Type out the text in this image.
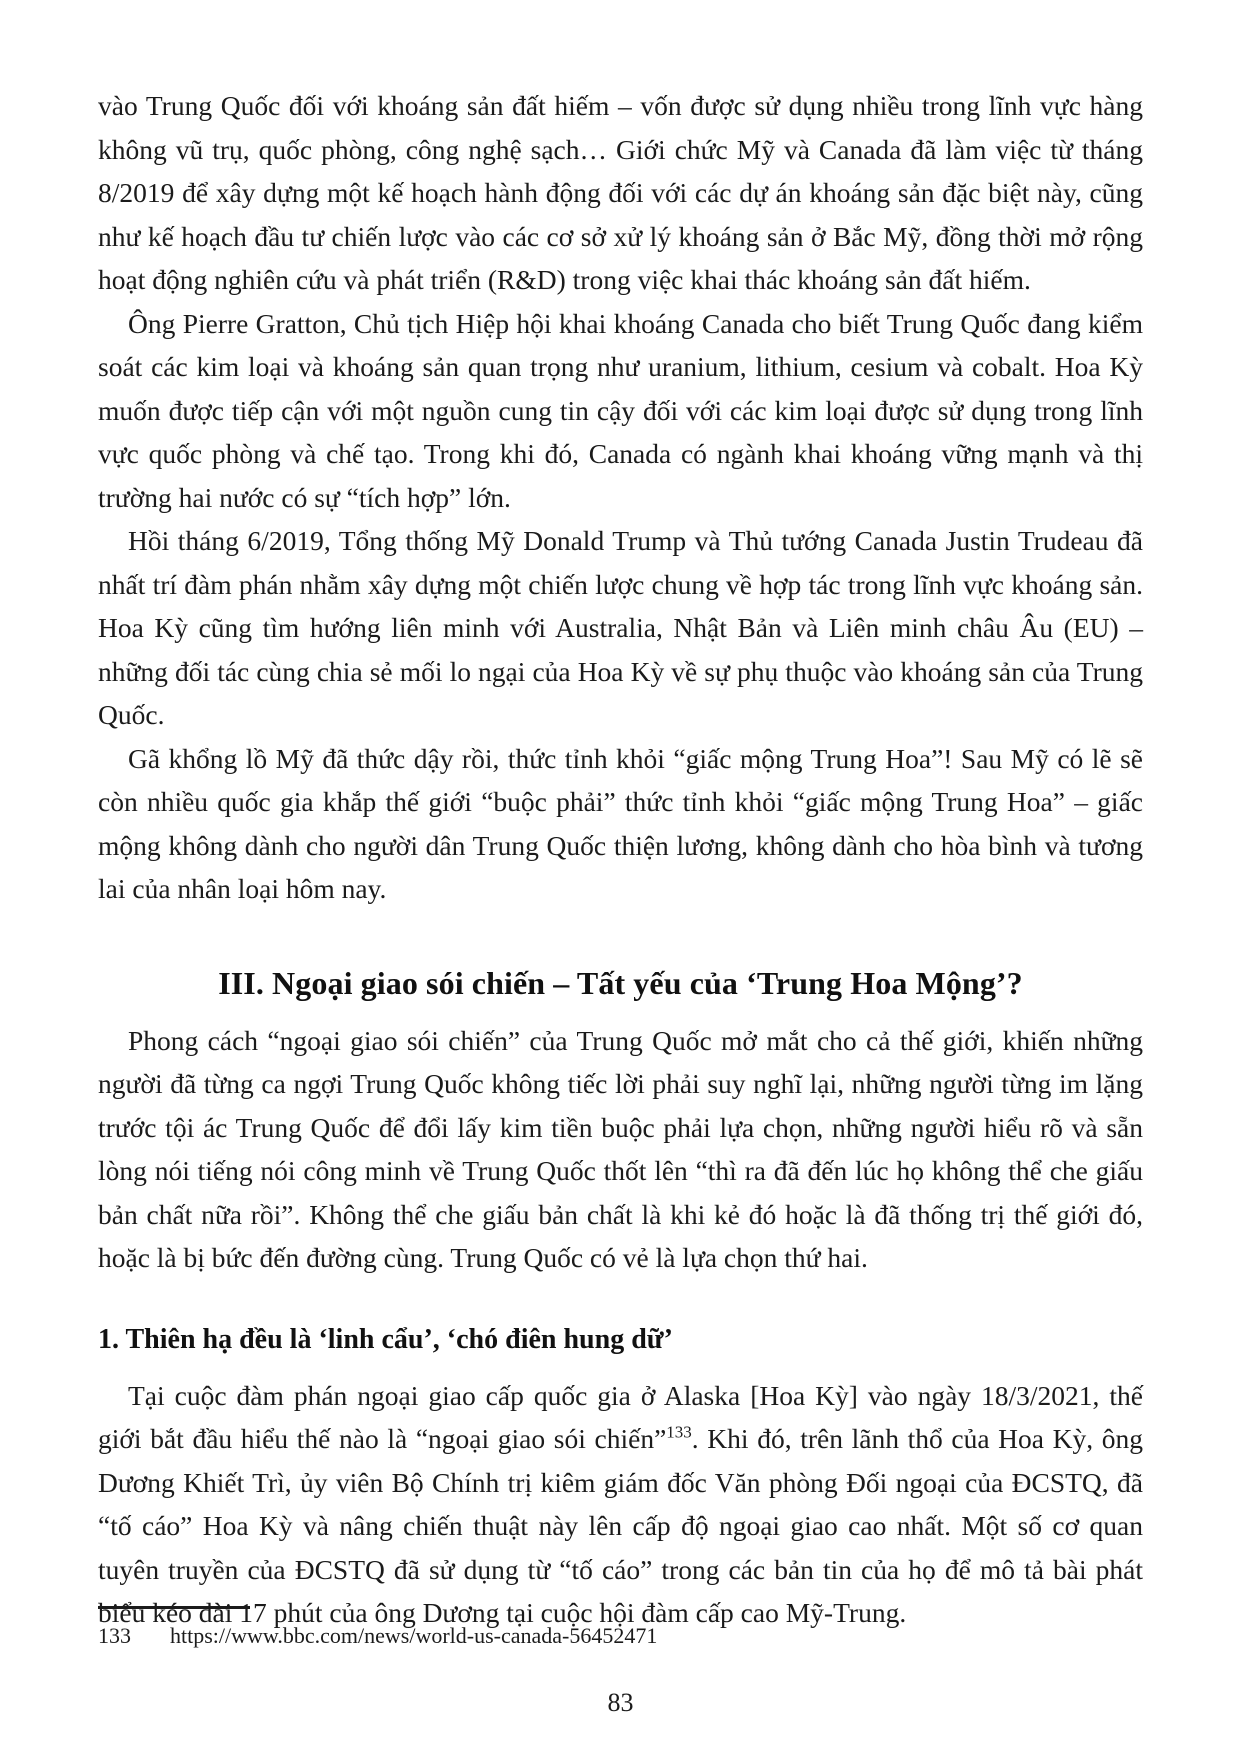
vào Trung Quốc đối với khoáng sản đất hiếm – vốn được sử dụng nhiều trong lĩnh vực hàng không vũ trụ, quốc phòng, công nghệ sạch… Giới chức Mỹ và Canada đã làm việc từ tháng 8/2019 để xây dựng một kế hoạch hành động đối với các dự án khoáng sản đặc biệt này, cũng như kế hoạch đầu tư chiến lược vào các cơ sở xử lý khoáng sản ở Bắc Mỹ, đồng thời mở rộng hoạt động nghiên cứu và phát triển (R&D) trong việc khai thác khoáng sản đất hiếm.

Ông Pierre Gratton, Chủ tịch Hiệp hội khai khoáng Canada cho biết Trung Quốc đang kiểm soát các kim loại và khoáng sản quan trọng như uranium, lithium, cesium và cobalt. Hoa Kỳ muốn được tiếp cận với một nguồn cung tin cậy đối với các kim loại được sử dụng trong lĩnh vực quốc phòng và chế tạo. Trong khi đó, Canada có ngành khai khoáng vững mạnh và thị trường hai nước có sự “tích hợp” lớn.

Hồi tháng 6/2019, Tổng thống Mỹ Donald Trump và Thủ tướng Canada Justin Trudeau đã nhất trí đàm phán nhằm xây dựng một chiến lược chung về hợp tác trong lĩnh vực khoáng sản. Hoa Kỳ cũng tìm hướng liên minh với Australia, Nhật Bản và Liên minh châu Âu (EU) – những đối tác cùng chia sẻ mối lo ngại của Hoa Kỳ về sự phụ thuộc vào khoáng sản của Trung Quốc.

Gã khổng lồ Mỹ đã thức dậy rồi, thức tỉnh khỏi “giấc mộng Trung Hoa”! Sau Mỹ có lẽ sẽ còn nhiều quốc gia khắp thế giới “buộc phải” thức tỉnh khỏi “giấc mộng Trung Hoa” – giấc mộng không dành cho người dân Trung Quốc thiện lương, không dành cho hòa bình và tương lai của nhân loại hôm nay.

III. Ngoại giao sói chiến – Tất yếu của ‘Trung Hoa Mộng’?

Phong cách “ngoại giao sói chiến” của Trung Quốc mở mắt cho cả thế giới, khiến những người đã từng ca ngợi Trung Quốc không tiếc lời phải suy nghĩ lại, những người từng im lặng trước tội ác Trung Quốc để đổi lấy kim tiền buộc phải lựa chọn, những người hiểu rõ và sẵn lòng nói tiếng nói công minh về Trung Quốc thốt lên “thì ra đã đến lúc họ không thể che giấu bản chất nữa rồi”. Không thể che giấu bản chất là khi kẻ đó hoặc là đã thống trị thế giới đó, hoặc là bị bức đến đường cùng. Trung Quốc có vẻ là lựa chọn thứ hai.

1. Thiên hạ đều là ‘linh cẩu’, ‘chó điên hung dữ’

Tại cuộc đàm phán ngoại giao cấp quốc gia ở Alaska [Hoa Kỳ] vào ngày 18/3/2021, thế giới bắt đầu hiểu thế nào là “ngoại giao sói chiến”$^{133}$. Khi đó, trên lãnh thổ của Hoa Kỳ, ông Dương Khiết Trì, ủy viên Bộ Chính trị kiêm giám đốc Văn phòng Đối ngoại của ĐCSTQ, đã “tố cáo” Hoa Kỳ và nâng chiến thuật này lên cấp độ ngoại giao cao nhất. Một số cơ quan tuyên truyền của ĐCSTQ đã sử dụng từ “tố cáo” trong các bản tin của họ để mô tả bài phát biểu kéo dài 17 phút của ông Dương tại cuộc hội đàm cấp cao Mỹ-Trung.

133 https://www.bbc.com/news/world-us-canada-56452471
83
